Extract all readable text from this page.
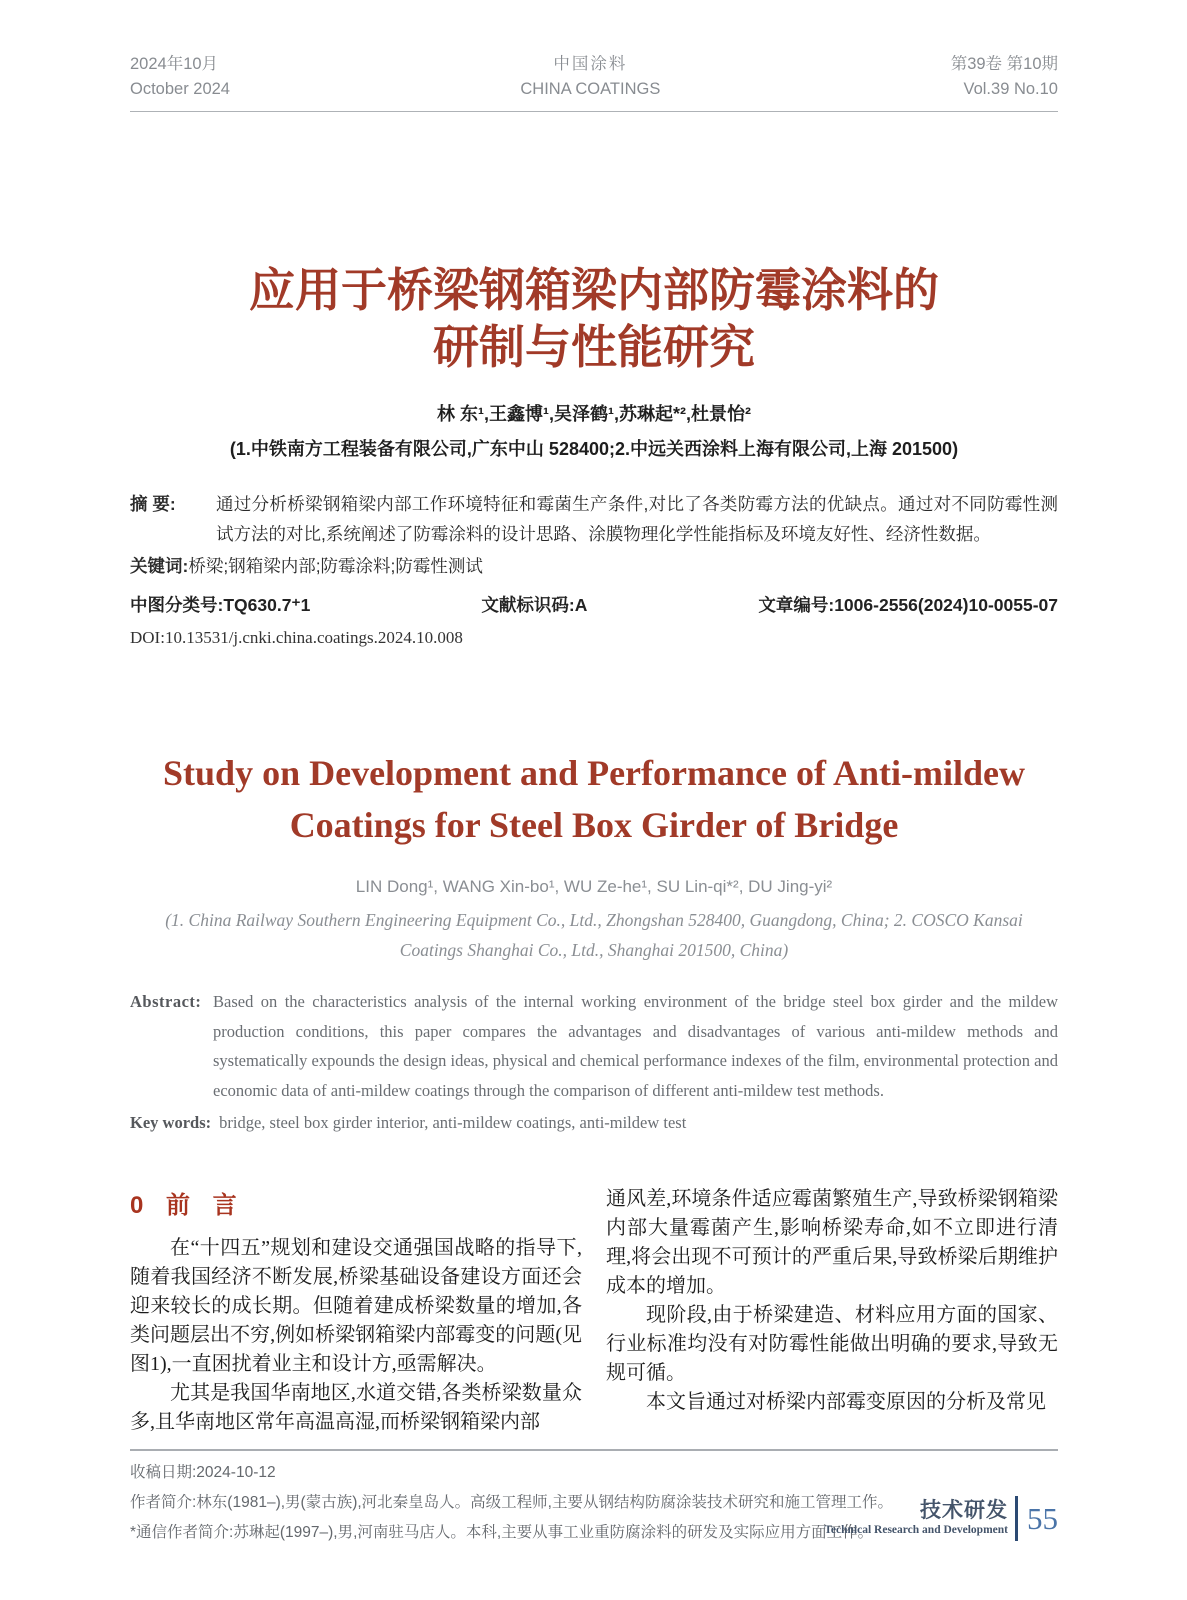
2024年10月
October 2024
中国涂料
CHINA COATINGS
第39卷 第10期
Vol.39 No.10
应用于桥梁钢箱梁内部防霉涂料的
研制与性能研究
林 东¹,王鑫博¹,吴泽鹤¹,苏琳起*²,杜景怡²
(1.中铁南方工程装备有限公司,广东中山 528400;2.中远关西涂料上海有限公司,上海 201500)
摘 要:	通过分析桥梁钢箱梁内部工作环境特征和霉菌生产条件,对比了各类防霉方法的优缺点。通过对不同防霉性测试方法的对比,系统阐述了防霉涂料的设计思路、涂膜物理化学性能指标及环境友好性、经济性数据。
关键词: 桥梁;钢箱梁内部;防霉涂料;防霉性测试
中图分类号:TQ630.7⁺1	文献标识码:A	文章编号:1006-2556(2024)10-0055-07
DOI:10.13531/j.cnki.china.coatings.2024.10.008
Study on Development and Performance of Anti-mildew
Coatings for Steel Box Girder of Bridge
LIN Dong¹, WANG Xin-bo¹, WU Ze-he¹, SU Lin-qi*², DU Jing-yi²
(1. China Railway Southern Engineering Equipment Co., Ltd., Zhongshan 528400, Guangdong, China; 2. COSCO Kansai
Coatings Shanghai Co., Ltd., Shanghai 201500, China)
Abstract: Based on the characteristics analysis of the internal working environment of the bridge steel box girder and the mildew production conditions, this paper compares the advantages and disadvantages of various anti-mildew methods and systematically expounds the design ideas, physical and chemical performance indexes of the film, environmental protection and economic data of anti-mildew coatings through the comparison of different anti-mildew test methods.
Key words: bridge, steel box girder interior, anti-mildew coatings, anti-mildew test
0 前 言

在“十四五”规划和建设交通强国战略的指导下,随着我国经济不断发展,桥梁基础设备建设方面还会迎来较长的成长期。但随着建成桥梁数量的增加,各类问题层出不穷,例如桥梁钢箱梁内部霉变的问题(见图1),一直困扰着业主和设计方,亟需解决。

尤其是我国华南地区,水道交错,各类桥梁数量众多,且华南地区常年高温高湿,而桥梁钢箱梁内部

通风差,环境条件适应霉菌繁殖生产,导致桥梁钢箱梁内部大量霉菌产生,影响桥梁寿命,如不立即进行清理,将会出现不可预计的严重后果,导致桥梁后期维护成本的增加。

现阶段,由于桥梁建造、材料应用方面的国家、行业标准均没有对防霉性能做出明确的要求,导致无规可循。

本文旨通过对桥梁内部霉变原因的分析及常见

收稿日期:2024-10-12
作者简介:林东(1981–),男(蒙古族),河北秦皇岛人。高级工程师,主要从钢结构防腐涂装技术研究和施工管理工作。
*通信作者简介:苏琳起(1997–),男,河南驻马店人。本科,主要从事工业重防腐涂料的研发及实际应用方面工作。
技术研发
Technical Research and Development 55
